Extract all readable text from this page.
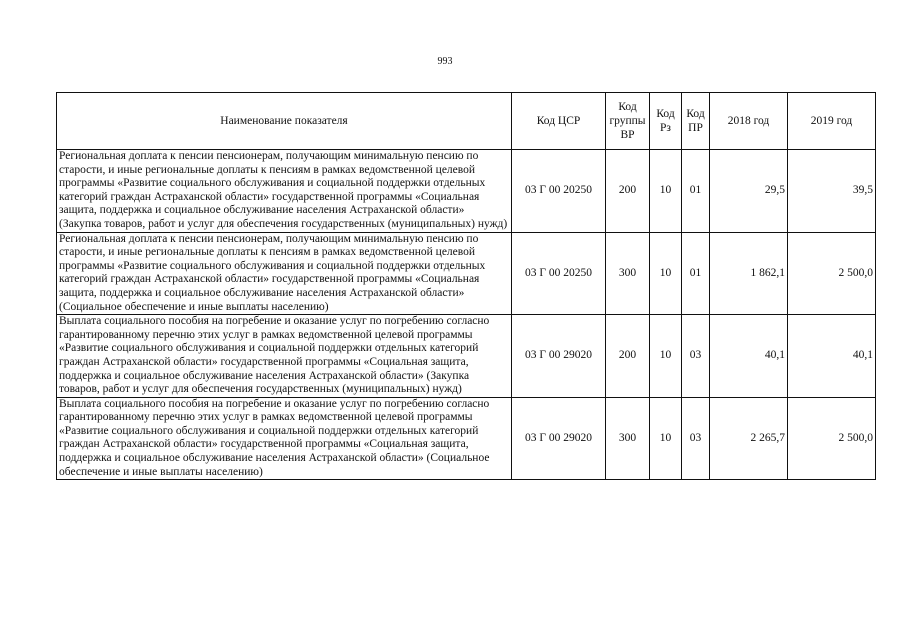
993
Наименование показателя	Код ЦСР	Код группы ВР	Код Рз	Код ПР	2018 год	2019 год
Региональная доплата к пенсии пенсионерам, получающим минимальную пенсию по старости, и иные региональные доплаты к пенсиям в рамках ведомственной целевой программы «Развитие социального обслуживания и социальной поддержки отдельных категорий граждан Астраханской области» государственной программы «Социальная защита, поддержка и социальное обслуживание населения Астраханской области» (Закупка товаров, работ и услуг для обеспечения государственных (муниципальных) нужд)	03 Г 00 20250	200	10	01	29,5	39,5
Региональная доплата к пенсии пенсионерам, получающим минимальную пенсию по старости, и иные региональные доплаты к пенсиям в рамках ведомственной целевой программы «Развитие социального обслуживания и социальной поддержки отдельных категорий граждан Астраханской области» государственной программы «Социальная защита, поддержка и социальное обслуживание населения Астраханской области» (Социальное обеспечение и иные выплаты населению)	03 Г 00 20250	300	10	01	1 862,1	2 500,0
Выплата социального пособия на погребение и оказание услуг по погребению согласно гарантированному перечню этих услуг в рамках ведомственной целевой программы «Развитие социального обслуживания и социальной поддержки отдельных категорий граждан Астраханской области» государственной программы «Социальная защита, поддержка и социальное обслуживание населения Астраханской области» (Закупка товаров, работ и услуг для обеспечения государственных (муниципальных) нужд)	03 Г 00 29020	200	10	03	40,1	40,1
Выплата социального пособия на погребение и оказание услуг по погребению согласно гарантированному перечню этих услуг в рамках ведомственной целевой программы «Развитие социального обслуживания и социальной поддержки отдельных категорий граждан Астраханской области» государственной программы «Социальная защита, поддержка и социальное обслуживание населения Астраханской области» (Социальное обеспечение и иные выплаты населению)	03 Г 00 29020	300	10	03	2 265,7	2 500,0
